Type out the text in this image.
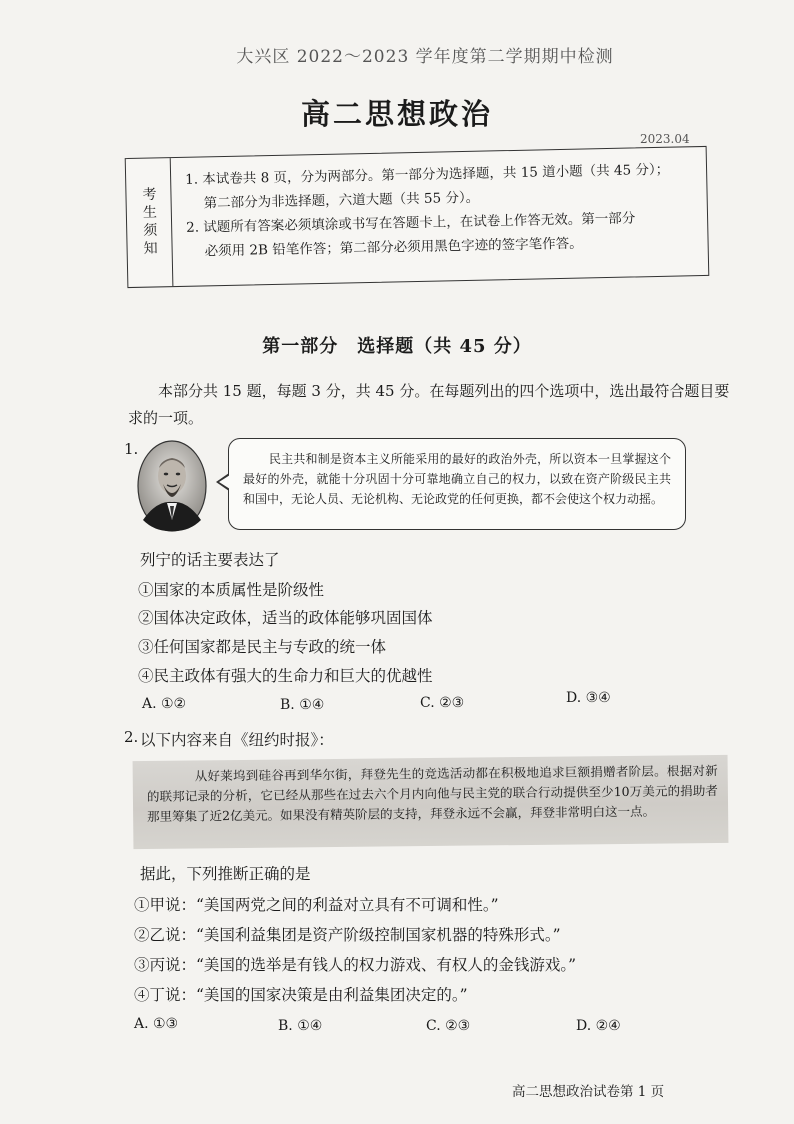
大兴区 2022～2023 学年度第二学期期中检测
高二思想政治
2023.04
考生须知
1. 本试卷共 8 页，分为两部分。第一部分为选择题，共 15 道小题（共 45 分）；
第二部分为非选择题，六道大题（共 55 分）。
2. 试题所有答案必须填涂或书写在答题卡上，在试卷上作答无效。第一部分
必须用 2B 铅笔作答；第二部分必须用黑色字迹的签字笔作答。
第一部分　选择题（共 45 分）
本部分共 15 题，每题 3 分，共 45 分。在每题列出的四个选项中，选出最符合题目要
求的一项。
1.

民主共和制是资本主义所能采用的最好的政治外壳，所以资本一旦掌握这个最好的外壳，就能十分巩固十分可靠地确立自己的权力，以致在资产阶级民主共和国中，无论人员、无论机构、无论政党的任何更换，都不会使这个权力动摇。

列宁的话主要表达了
①国家的本质属性是阶级性
②国体决定政体，适当的政体能够巩固国体
③任何国家都是民主与专政的统一体
④民主政体有强大的生命力和巨大的优越性
A. ①②	B. ①④	C. ②③	D. ③④
2. 以下内容来自《纽约时报》：

从好莱坞到硅谷再到华尔街，拜登先生的竞选活动都在积极地追求巨额捐赠者阶层。根据对新的联邦记录的分析，它已经从那些在过去六个月内向他与民主党的联合行动提供至少10万美元的捐助者那里筹集了近2亿美元。如果没有精英阶层的支持，拜登永远不会赢，拜登非常明白这一点。

据此，下列推断正确的是
①甲说：“美国两党之间的利益对立具有不可调和性。”
②乙说：“美国利益集团是资产阶级控制国家机器的特殊形式。”
③丙说：“美国的选举是有钱人的权力游戏、有权人的金钱游戏。”
④丁说：“美国的国家决策是由利益集团决定的。”
A. ①③	B. ①④	C. ②③	D. ②④
高二思想政治试卷第 1 页
